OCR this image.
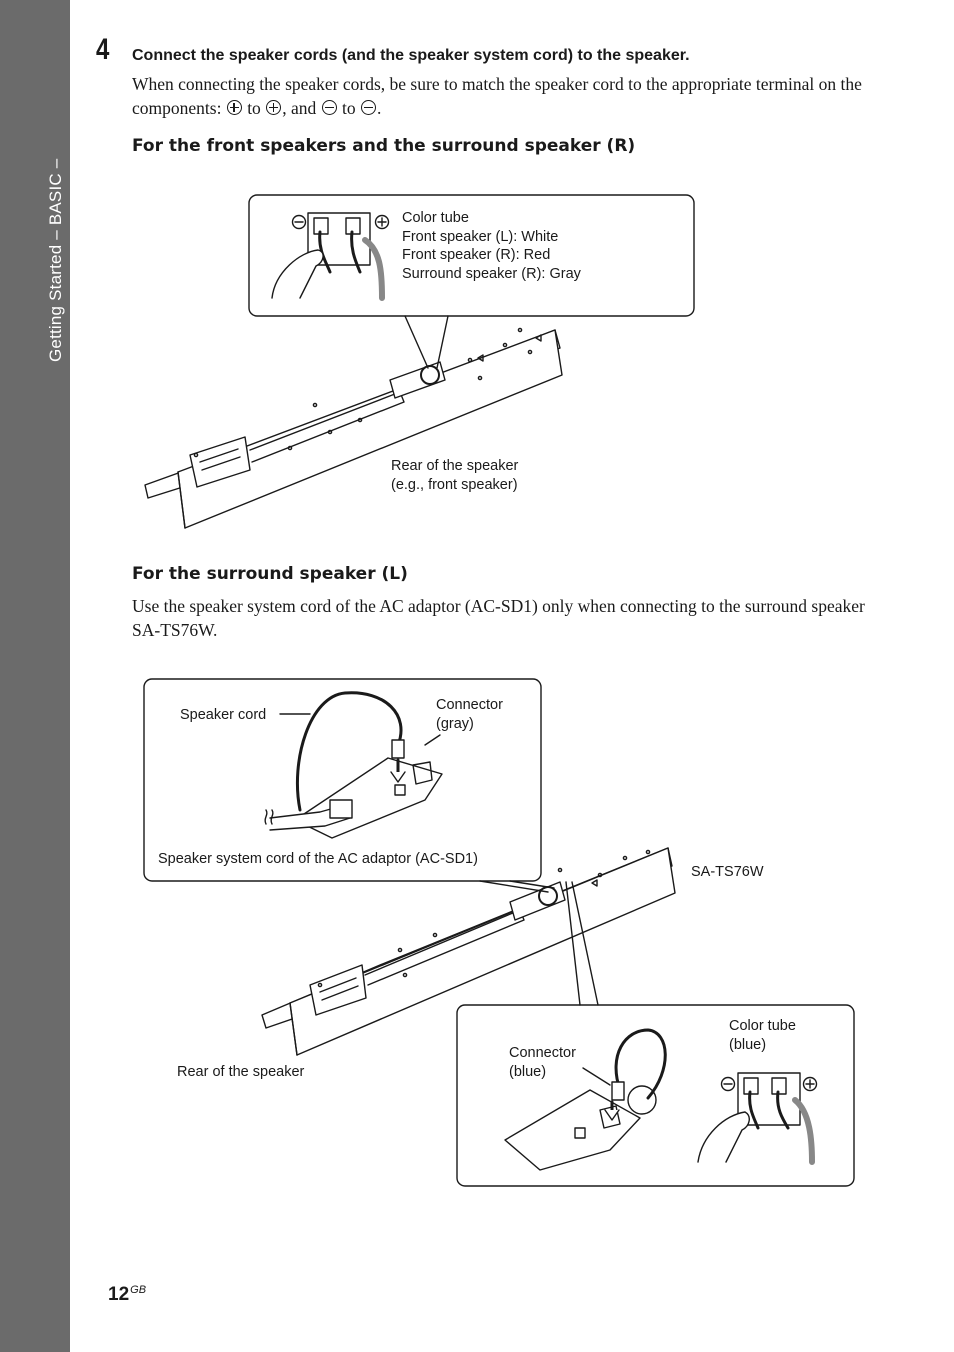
Getting Started – BASIC –
4 Connect the speaker cords (and the speaker system cord) to the speaker.
When connecting the speaker cords, be sure to match the speaker cord to the appropriate terminal on the components:  to , and  to .
For the front speakers and the surround speaker (R)
Color tube
Front speaker (L): White
Front speaker (R): Red
Surround speaker (R): Gray
Rear of the speaker
(e.g., front speaker)
For the surround speaker (L)
Use the speaker system cord of the AC adaptor (AC-SD1) only when connecting to the surround speaker SA-TS76W.
Speaker cord
Connector
(gray)
Speaker system cord of the AC adaptor (AC-SD1)
SA-TS76W
Rear of the speaker
Connector
(blue)
Color tube
(blue)
$12^{GB}$
